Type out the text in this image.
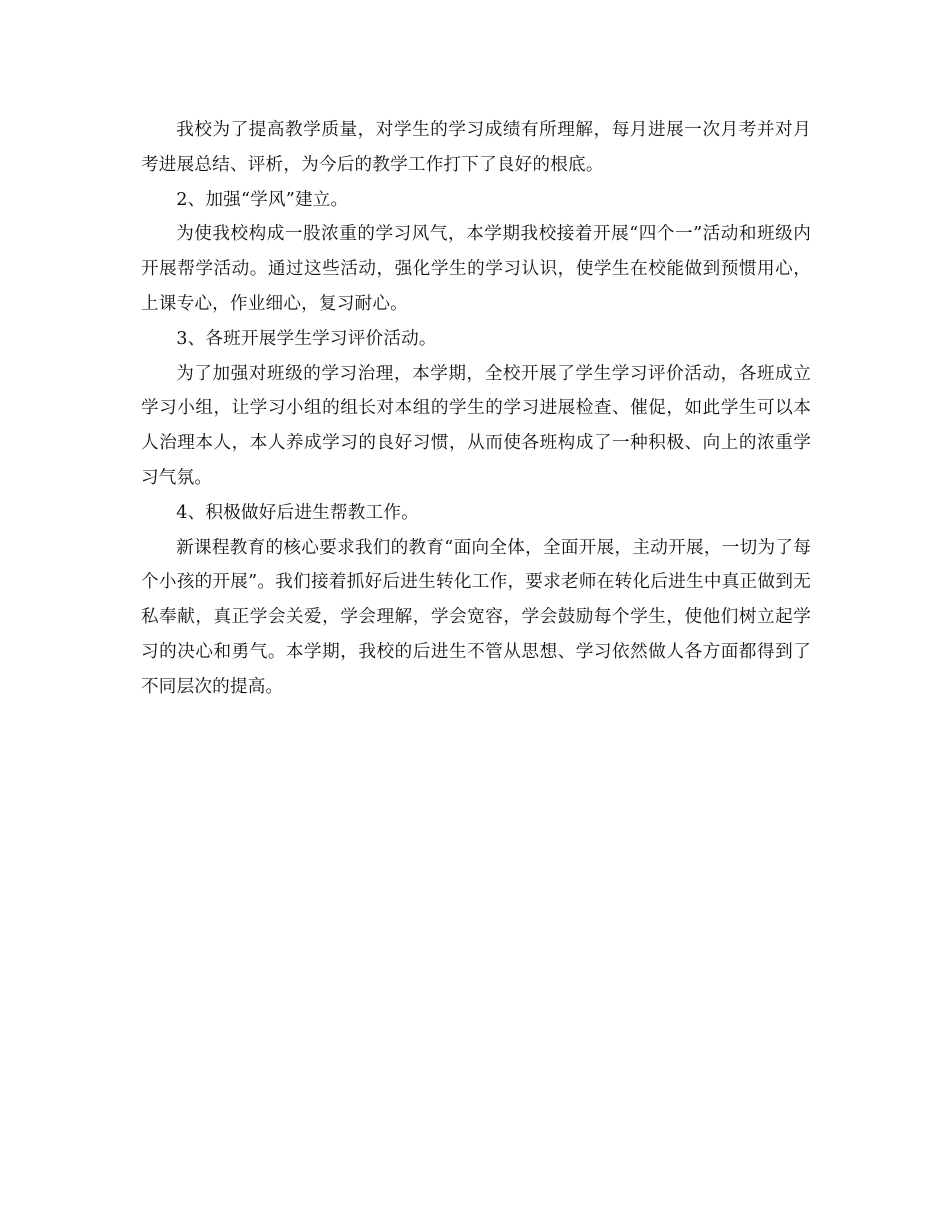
我校为了提高教学质量，对学生的学习成绩有所理解，每月进展一次月考并对月考进展总结、评析，为今后的教学工作打下了良好的根底。

2、加强“学风”建立。

为使我校构成一股浓重的学习风气，本学期我校接着开展“四个一”活动和班级内开展帮学活动。通过这些活动，强化学生的学习认识，使学生在校能做到预惯用心，上课专心，作业细心，复习耐心。

3、各班开展学生学习评价活动。

为了加强对班级的学习治理，本学期，全校开展了学生学习评价活动，各班成立学习小组，让学习小组的组长对本组的学生的学习进展检查、催促，如此学生可以本人治理本人，本人养成学习的良好习惯，从而使各班构成了一种积极、向上的浓重学习气氛。

4、积极做好后进生帮教工作。

新课程教育的核心要求我们的教育“面向全体，全面开展，主动开展，一切为了每个小孩的开展”。我们接着抓好后进生转化工作，要求老师在转化后进生中真正做到无私奉献，真正学会关爱，学会理解，学会宽容，学会鼓励每个学生，使他们树立起学习的决心和勇气。本学期，我校的后进生不管从思想、学习依然做人各方面都得到了不同层次的提高。
